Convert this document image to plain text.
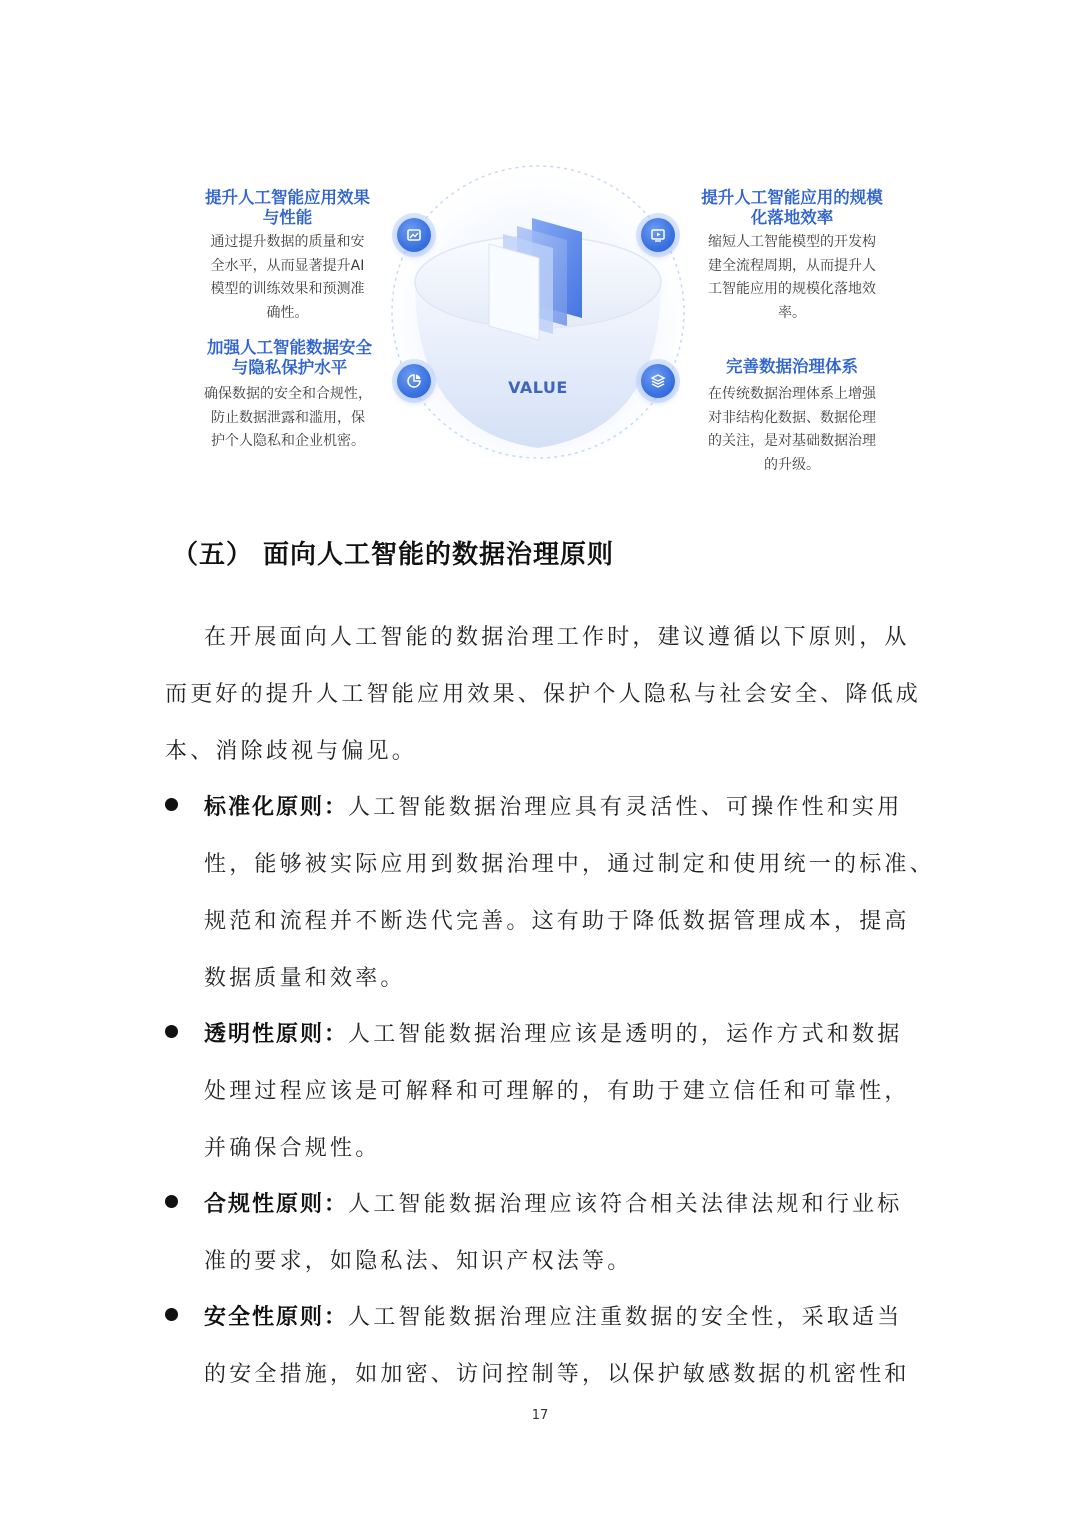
VALUE
提升人工智能应用效果
与性能
通过提升数据的质量和安
全水平，从而显著提升AI
模型的训练效果和预测准
确性。
提升人工智能应用的规模
化落地效率
缩短人工智能模型的开发构
建全流程周期，从而提升人
工智能应用的规模化落地效
率。
加强人工智能数据安全
与隐私保护水平
确保数据的安全和合规性，
防止数据泄露和滥用，保
护个人隐私和企业机密。
完善数据治理体系
在传统数据治理体系上增强
对非结构化数据、数据伦理
的关注，是对基础数据治理
的升级。
（五） 面向人工智能的数据治理原则
在开展面向人工智能的数据治理工作时，建议遵循以下原则，从
而更好的提升人工智能应用效果、保护个人隐私与社会安全、降低成
本、消除歧视与偏见。
标准化原则：人工智能数据治理应具有灵活性、可操作性和实用
性，能够被实际应用到数据治理中，通过制定和使用统一的标准、
规范和流程并不断迭代完善。这有助于降低数据管理成本，提高
数据质量和效率。
透明性原则：人工智能数据治理应该是透明的，运作方式和数据
处理过程应该是可解释和可理解的，有助于建立信任和可靠性，
并确保合规性。
合规性原则：人工智能数据治理应该符合相关法律法规和行业标
准的要求，如隐私法、知识产权法等。
安全性原则：人工智能数据治理应注重数据的安全性，采取适当
的安全措施，如加密、访问控制等，以保护敏感数据的机密性和
17
